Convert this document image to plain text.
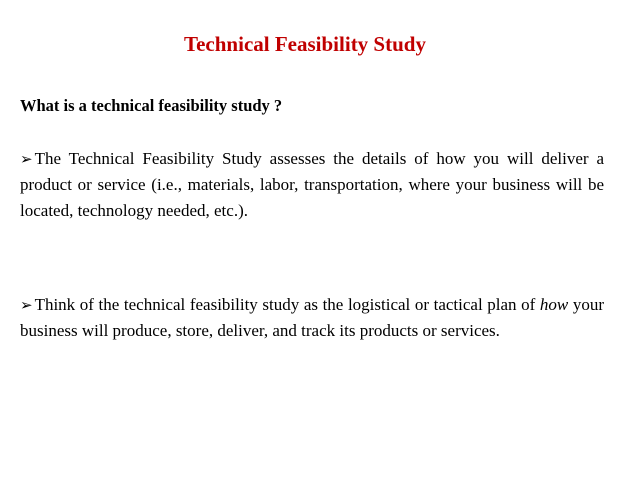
Technical Feasibility Study
What is a technical feasibility study ?
➢ The Technical Feasibility Study assesses the details of how you will deliver a product or service (i.e., materials, labor, transportation, where your business will be located, technology needed, etc.).
➢ Think of the technical feasibility study as the logistical or tactical plan of how your business will produce, store, deliver, and track its products or services.
